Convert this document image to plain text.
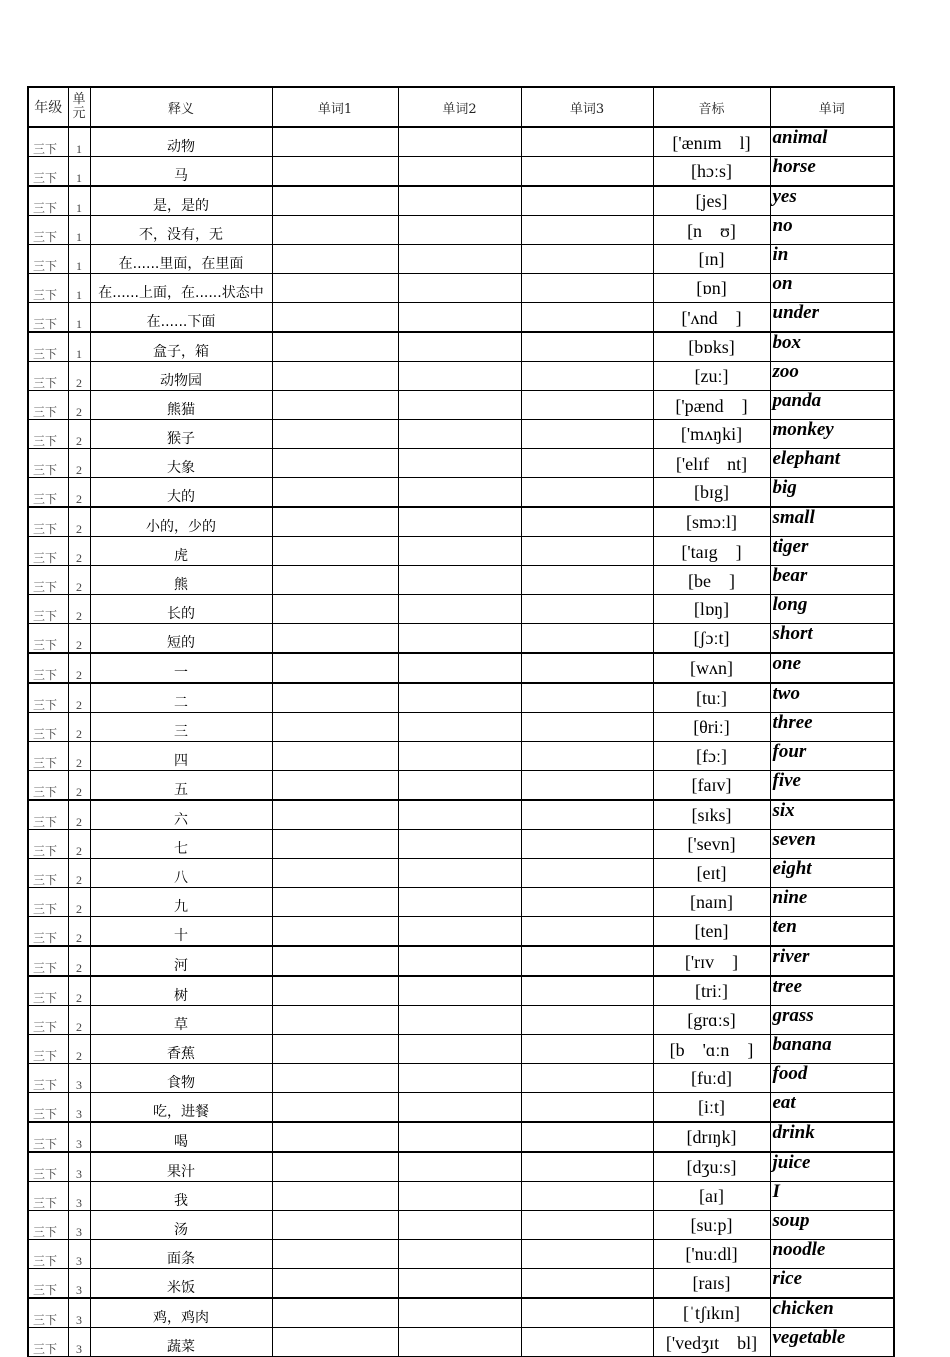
年级	单元	释义	单词1	单词2	单词3	音标	单词
三下	1	动物				['ænɪm　l]	animal
三下	1	马				[hɔːs]	horse
三下	1	是，是的				[jes]	yes
三下	1	不，没有，无				[n　ʊ]	no
三下	1	在......里面，在里面				[ɪn]	in
三下	1	在......上面，在......状态中				[ɒn]	on
三下	1	在......下面				['ʌnd　]	under
三下	1	盒子，箱				[bɒks]	box
三下	2	动物园				[zuː]	zoo
三下	2	熊猫				['pænd　]	panda
三下	2	猴子				['mʌŋki]	monkey
三下	2	大象				['elɪf　nt]	elephant
三下	2	大的				[bɪg]	big
三下	2	小的，少的				[smɔːl]	small
三下	2	虎				['taɪg　]	tiger
三下	2	熊				[be　]	bear
三下	2	长的				[lɒŋ]	long
三下	2	短的				[ʃɔːt]	short
三下	2	一				[wʌn]	one
三下	2	二				[tuː]	two
三下	2	三				[θriː]	three
三下	2	四				[fɔː]	four
三下	2	五				[faɪv]	five
三下	2	六				[sɪks]	six
三下	2	七				['sevn]	seven
三下	2	八				[eɪt]	eight
三下	2	九				[naɪn]	nine
三下	2	十				[ten]	ten
三下	2	河				['rɪv　]	river
三下	2	树				[triː]	tree
三下	2	草				[grɑːs]	grass
三下	2	香蕉				[b　'ɑːn　]	banana
三下	3	食物				[fuːd]	food
三下	3	吃，进餐				[iːt]	eat
三下	3	喝				[drɪŋk]	drink
三下	3	果汁				[dʒuːs]	juice
三下	3	我				[aɪ]	I
三下	3	汤				[suːp]	soup
三下	3	面条				['nuːdl]	noodle
三下	3	米饭				[raɪs]	rice
三下	3	鸡，鸡肉				[ˈtʃɪkɪn]	chicken
三下	3	蔬菜				['vedʒɪt　bl]	vegetable
